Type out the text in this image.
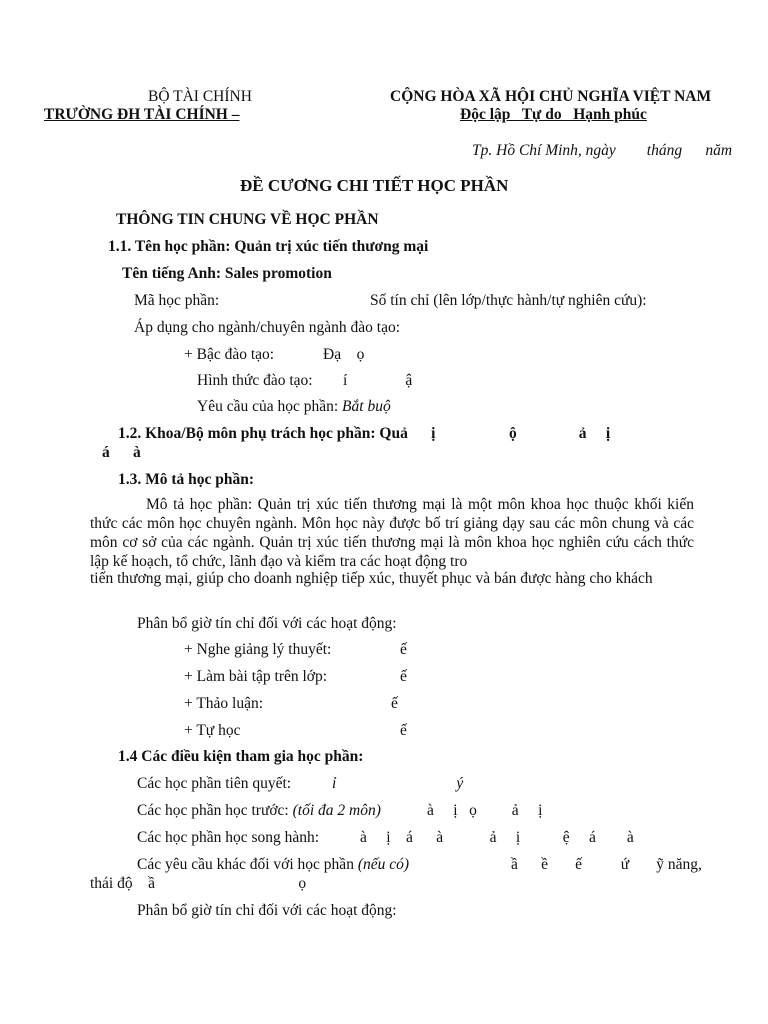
BỘ TÀI CHÍNH
TRƯỜNG ĐH TÀI CHÍNH –
CỘNG HÒA XÃ HỘI CHỦ NGHĨA VIỆT NAM
Độc lập   Tự do   Hạnh phúc
Tp. Hồ Chí Minh, ngày        tháng      năm
ĐỀ CƯƠNG CHI TIẾT HỌC PHẦN
THÔNG TIN CHUNG VỀ HỌC PHẦN
1.1. Tên học phần: Quản trị xúc tiến thương mại
Tên tiếng Anh: Sales promotion
Mã học phần:	Số tín chỉ (lên lớp/thực hành/tự nghiên cứu):
Áp dụng cho ngành/chuyên ngành đào tạo:
+ Bậc đào tạo:	Đạ    ọ
Hình thức đào tạo: í               ậ
Yêu cầu của học phần: Bắt buộ
1.2. Khoa/Bộ môn phụ trách học phần: Quả      ị                   ộ                ả     ị
á      à
1.3. Mô tả học phần:
Mô tả học phần: Quản trị xúc tiến thương mại là một môn khoa học thuộc khối kiến thức các môn học chuyên ngành. Môn học này được bố trí giảng dạy sau các môn chung và các môn cơ sở của các ngành. Quản trị xúc tiến thương mại là môn khoa học nghiên cứu cách thức lập kế hoạch, tổ chức, lãnh đạo và kiểm tra các hoạt động tro
tiến thương mại, giúp cho doanh nghiệp tiếp xúc, thuyết phục và bán được hàng cho khách
Phân bổ giờ tín chỉ đối với các hoạt động:
+ Nghe giảng lý thuyết:	ế
+ Làm bài tập trên lớp:	ế
+ Thảo luận:	ế
+ Tự học	ế
1.4 Các điều kiện tham gia học phần:
Các học phần tiên quyết:	ỉ                               ý
Các học phần học trước: (tối đa 2 môn)	à     ị   ọ         ả     ị
Các học phần học song hành:	à     ị    á      à            ả     ị           ệ     á        à
Các yêu cầu khác đối với học phần (nếu có)	ầ      ề       ế          ứ       ỹ năng,
thái độ    ầ                                     ọ
Phân bổ giờ tín chỉ đối với các hoạt động:
